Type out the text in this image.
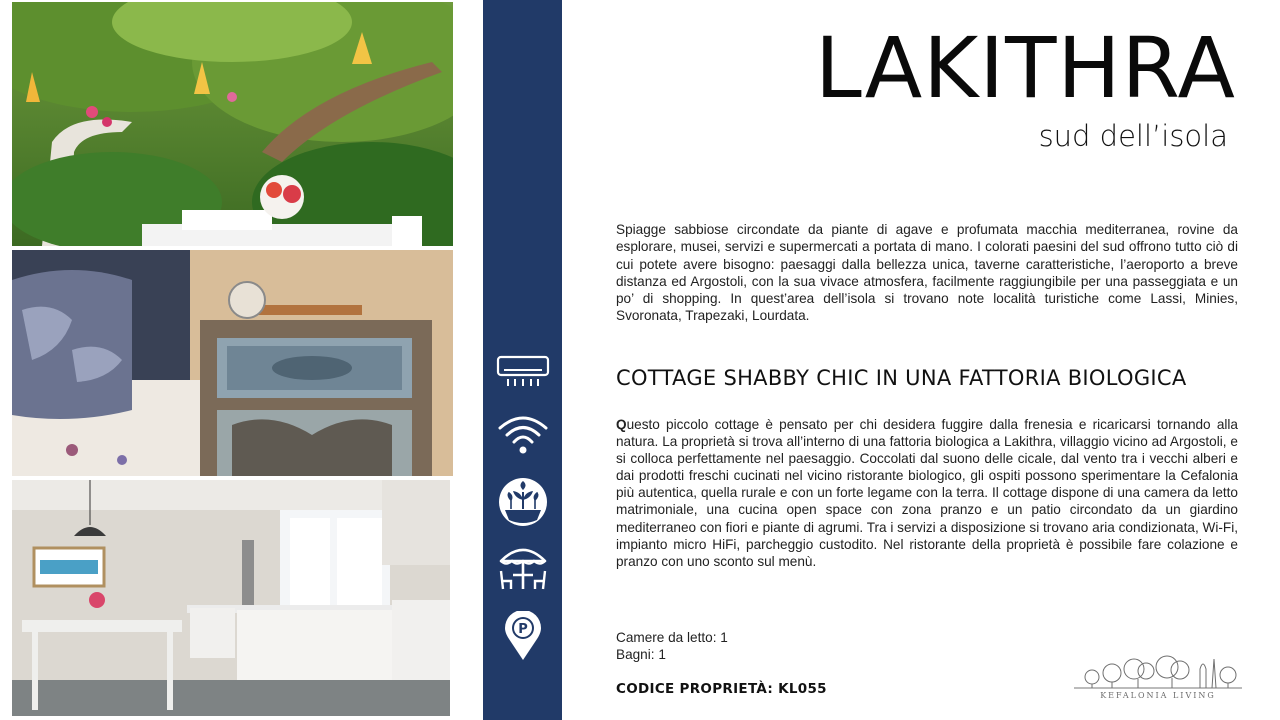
P
LAKITHRA
sud dell’isola

Spiagge sabbiose circondate da piante di agave e profumata macchia mediterranea, rovine da esplorare, musei, servizi e supermercati a portata di mano. I colorati paesini del sud offrono tutto ciò di cui potete avere bisogno: paesaggi dalla bellezza unica, taverne caratteristiche, l’aeroporto a breve distanza ed Argostoli, con la sua vivace atmosfera, facilmente raggiungibile per una passeggiata e un po’ di shopping. In quest’area dell’isola si trovano note località turistiche come Lassi, Minies, Svoronata, Trapezaki, Lourdata.

COTTAGE SHABBY CHIC IN UNA FATTORIA BIOLOGICA

Questo piccolo cottage è pensato per chi desidera fuggire dalla frenesia e ricaricarsi tornando alla natura. La proprietà si trova all’interno di una fattoria biologica a Lakithra, villaggio vicino ad Argostoli, e si colloca perfettamente nel paesaggio. Coccolati dal suono delle cicale, dal vento tra i vecchi alberi e dai prodotti freschi cucinati nel vicino ristorante biologico, gli ospiti possono sperimentare la Cefalonia più autentica, quella rurale e con un forte legame con la terra. Il cottage dispone di una camera da letto matrimoniale, una cucina open space con zona pranzo e un patio circondato da un giardino mediterraneo con fiori e piante di agrumi. Tra i servizi a disposizione si trovano aria condizionata, Wi-Fi, impianto micro HiFi, parcheggio custodito. Nel ristorante della proprietà è possibile fare colazione e pranzo con uno sconto sul menù.

Camere da letto: 1
Bagni: 1
CODICE PROPRIETÀ: KL055	KEFALONIA LIVING
